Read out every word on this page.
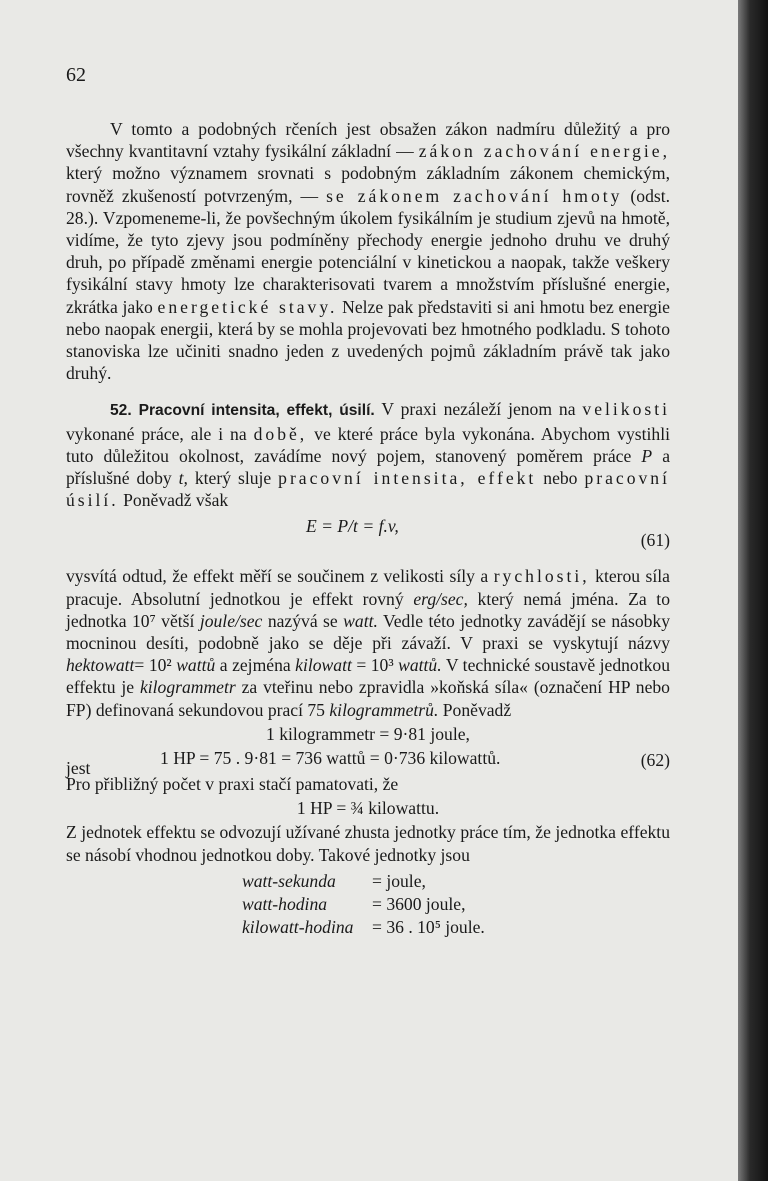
62

V tomto a podobných rčeních jest obsažen zákon nadmíru důležitý a pro všechny kvantitavní vztahy fysikální základní — zákon zachování energie, který možno významem srovnati s podobným základním zákonem chemickým, rovněž zkušeností potvrzeným, — se zákonem zachování hmoty (odst. 28.). Vzpomeneme-li, že povšechným úkolem fysikálním je studium zjevů na hmotě, vidíme, že tyto zjevy jsou podmíněny přechody energie jednoho druhu ve druhý druh, po případě změnami energie potenciální v kinetickou a naopak, takže veškery fysikální stavy hmoty lze charakterisovati tvarem a množstvím příslušné energie, zkrátka jako energetické stavy. Nelze pak představiti si ani hmotu bez energie nebo naopak energii, která by se mohla projevovati bez hmotného podkladu. S tohoto stanoviska lze učiniti snadno jeden z uvedených pojmů základním právě tak jako druhý.

52. Pracovní intensita, effekt, úsilí. V praxi nezáleží jenom na velikosti vykonané práce, ale i na době, ve které práce byla vykonána. Abychom vystihli tuto důležitou okolnost, zavádíme nový pojem, stanovený poměrem práce P a příslušné doby t, který sluje pracovní intensita, effekt nebo pracovní úsilí. Poněvadž však

E = P/t = f.v,
(61)

vysvítá odtud, že effekt měří se součinem z velikosti síly a rychlosti, kterou síla pracuje. Absolutní jednotkou je effekt rovný erg/sec, který nemá jména. Za to jednotka 10⁷ větší joule/sec nazývá se watt. Vedle této jednotky zavádějí se násobky mocninou desíti, podobně jako se děje při závaží. V praxi se vyskytují názvy hektowatt= 10² wattů a zejména kilowatt = 10³ wattů. V technické soustavě jednotkou effektu je kilogrammetr za vteřinu nebo zpravidla »koňská síla« (označení HP nebo FP) definovaná sekundovou prací 75 kilogrammetrů. Poněvadž

1 kilogrammetr = 9·81 joule,
jest	1 HP = 75 . 9·81 = 736 wattů = 0·736 kilowattů.	(62)

Pro přibližný počet v praxi stačí pamatovati, že

1 HP = ¾ kilowattu.

Z jednotek effektu se odvozují užívané zhusta jednotky práce tím, že jednotka effektu se násobí vhodnou jednotkou doby. Takové jednotky jsou

watt-sekunda = joule,
watt-hodina	= 3600 joule,
kilowatt-hodina = 36 . 10⁵ joule.
